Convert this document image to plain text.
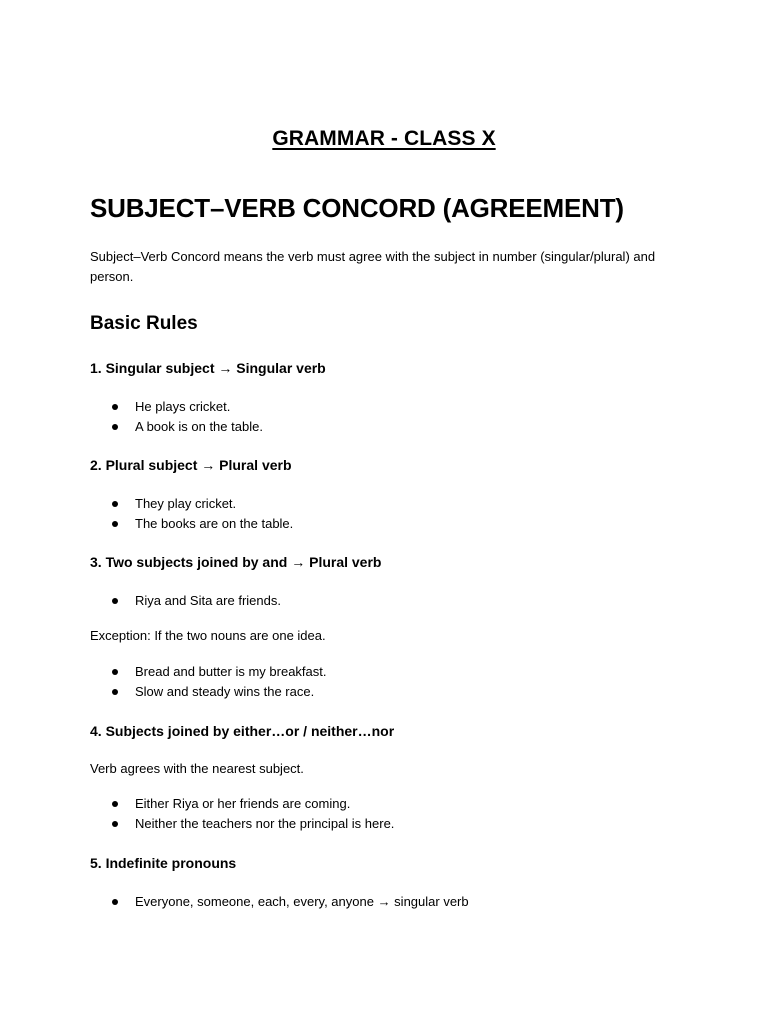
GRAMMAR - CLASS X
SUBJECT–VERB CONCORD (AGREEMENT)
Subject–Verb Concord means the verb must agree with the subject in number (singular/plural) and person.
Basic Rules
1. Singular subject → Singular verb
He plays cricket.
A book is on the table.
2. Plural subject → Plural verb
They play cricket.
The books are on the table.
3. Two subjects joined by and → Plural verb
Riya and Sita are friends.
Exception: If the two nouns are one idea.
Bread and butter is my breakfast.
Slow and steady wins the race.
4. Subjects joined by either…or / neither…nor
Verb agrees with the nearest subject.
Either Riya or her friends are coming.
Neither the teachers nor the principal is here.
5. Indefinite pronouns
Everyone, someone, each, every, anyone → singular verb
